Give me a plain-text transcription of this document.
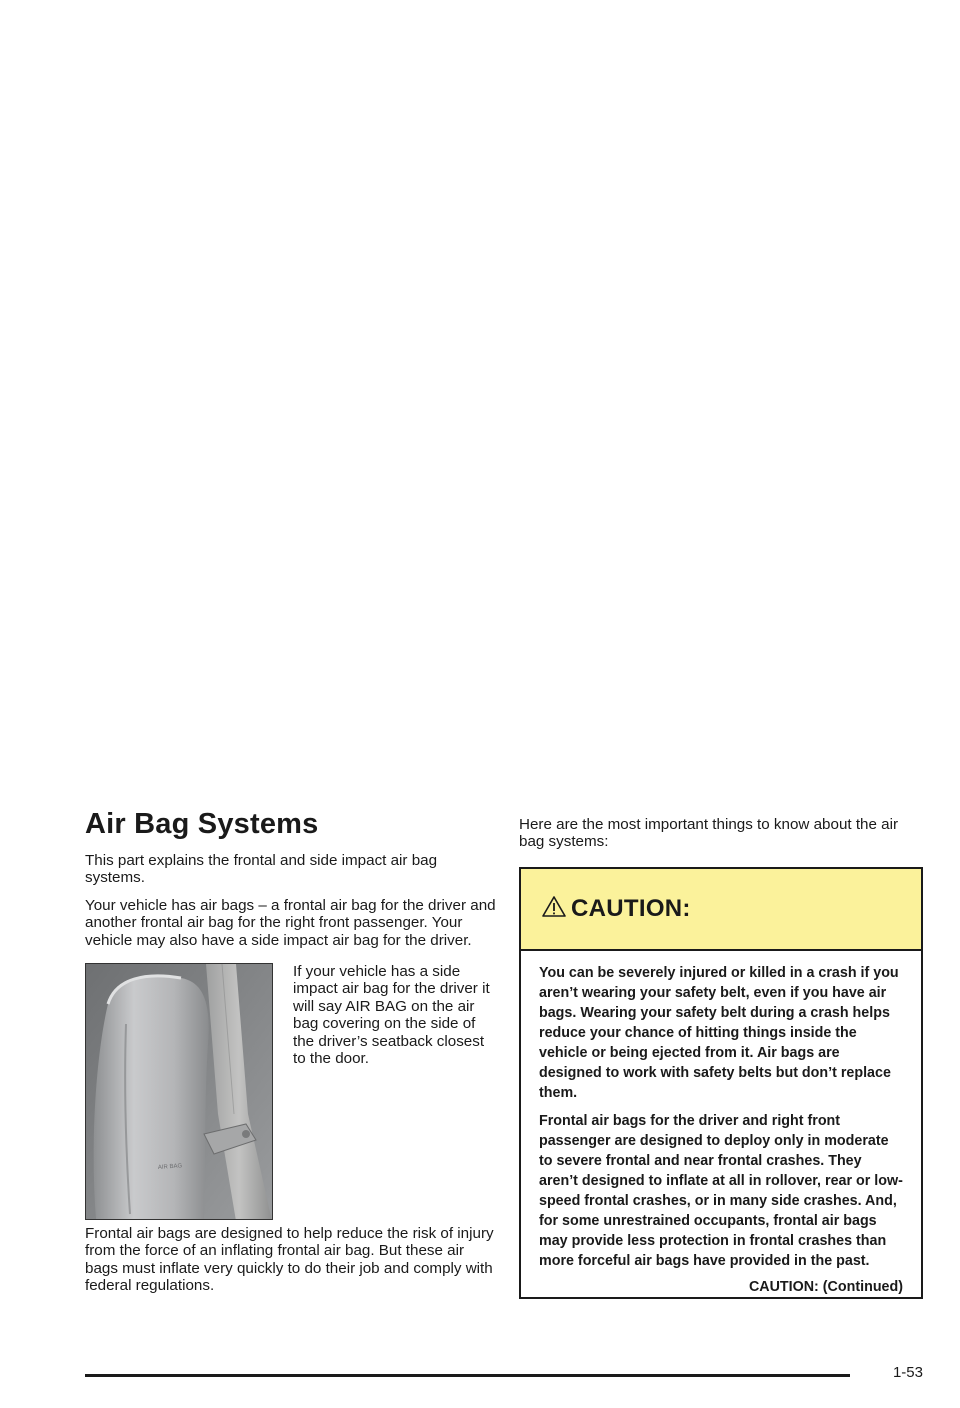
Air Bag Systems

This part explains the frontal and side impact air bag systems.

Your vehicle has air bags – a frontal air bag for the driver and another frontal air bag for the right front passenger. Your vehicle may also have a side impact air bag for the driver.

AIR BAG
If your vehicle has a side impact air bag for the driver it will say AIR BAG on the air bag covering on the side of the driver’s seatback closest to the door.

Frontal air bags are designed to help reduce the risk of injury from the force of an inflating frontal air bag. But these air bags must inflate very quickly to do their job and comply with federal regulations.

Here are the most important things to know about the air bag systems:

CAUTION:

You can be severely injured or killed in a crash if you aren’t wearing your safety belt, even if you have air bags. Wearing your safety belt during a crash helps reduce your chance of hitting things inside the vehicle or being ejected from it. Air bags are designed to work with safety belts but don’t replace them.

Frontal air bags for the driver and right front passenger are designed to deploy only in moderate to severe frontal and near frontal crashes. They aren’t designed to inflate at all in rollover, rear or low-speed frontal crashes, or in many side crashes. And, for some unrestrained occupants, frontal air bags may provide less protection in frontal crashes than more forceful air bags have provided in the past.

CAUTION: (Continued)
1-53
